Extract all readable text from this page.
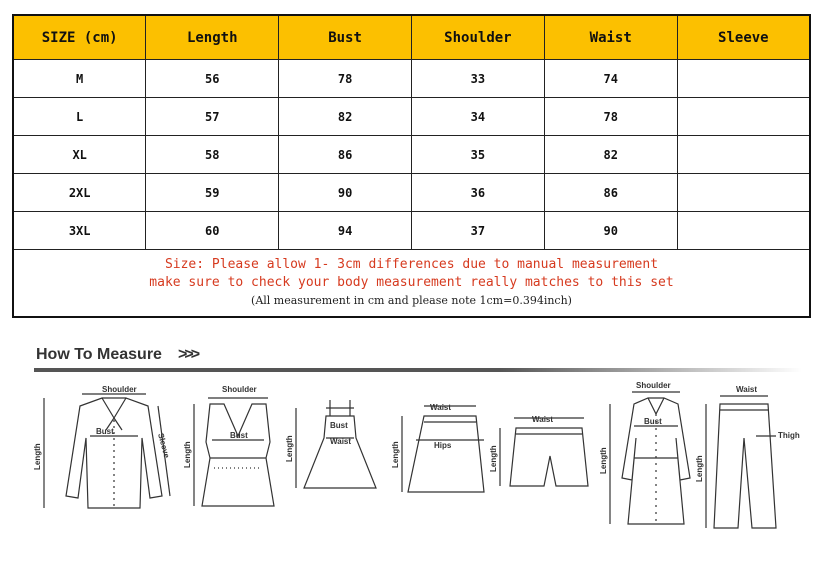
SIZE (cm)	Length	Bust	Shoulder	Waist	Sleeve
M	56	78	33	74	
L	57	82	34	78	
XL	58	86	35	82	
2XL	59	90	36	86	
3XL	60	94	37	90	

Size: Please allow 1- 3cm differences due to manual measurement
make sure to check your body measurement really matches to this set
(All measurement in cm and please note 1cm=0.394inch)					
How To Measure >>>
Shoulder
Bust
Length	Sleeve
Shoulder
Bust
Length
Bust
Waist
Length
Waist
Hips
Length
Waist
Length
Shoulder
Bust
Length
Waist
Thigh
Length
